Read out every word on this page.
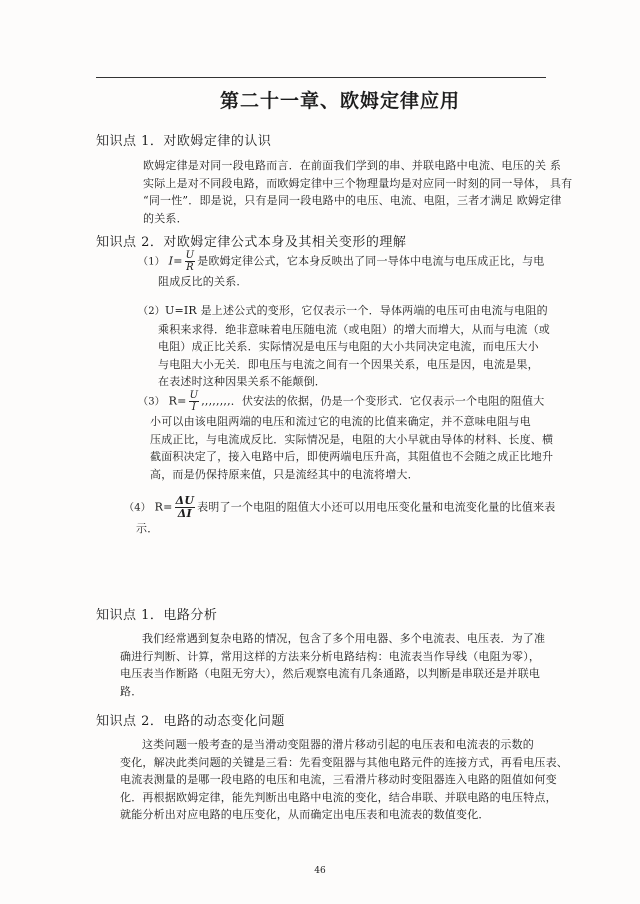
第二十一章、欧姆定律应用
知识点 1．对欧姆定律的认识
欧姆定律是对同一段电路而言．在前面我们学到的串、并联电路中电流、电压的关 系
实际上是对不同段电路，而欧姆定律中三个物理量均是对应同一时刻的同一导体， 具有
“同一性”．即是说，只有是同一段电路中的电压、电流、电阻，三者才满足 欧姆定律
的关系．
知识点 2．对欧姆定律公式本身及其相关变形的理解
（1） $I= \frac{U}{R}$ 是欧姆定律公式，它本身反映出了同一导体中电流与电压成正比，与电
阻成反比的关系．
（2）U=IR 是上述公式的变形，它仅表示一个．导体两端的电压可由电流与电阻的
乘积来求得．绝非意味着电压随电流（或电阻）的增大而增大，从而与电流（或
电阻）成正比关系．实际情况是电压与电阻的大小共同决定电流，而电压大小
与电阻大小无关．即电压与电流之间有一个因果关系，电压是因，电流是果，
在表述时这种因果关系不能颠倒．
（3） $R= \frac{U}{I}$ ,,,,,,,,．伏安法的依据，仍是一个变形式．它仅表示一个电阻的阻值大
小可以由该电阻两端的电压和流过它的电流的比值来确定，并不意味电阻与电
压成正比，与电流成反比．实际情况是，电阻的大小早就由导体的材料、长度、横
截面积决定了，接入电路中后，即使两端电压升高，其阻值也不会随之成正比地升
高，而是仍保持原来值，只是流经其中的电流将增大．
（4） $R= \frac{\Delta U}{\Delta I}$ 表明了一个电阻的阻值大小还可以用电压变化量和电流变化量的比值来表
示．
知识点 1．电路分析
我们经常遇到复杂电路的情况，包含了多个用电器、多个电流表、电压表．为了准
确进行判断、计算，常用这样的方法来分析电路结构：电流表当作导线（电阻为零），
电压表当作断路（电阻无穷大），然后观察电流有几条通路，以判断是串联还是并联电
路．
知识点 2．电路的动态变化问题
这类问题一般考查的是当滑动变阻器的滑片移动引起的电压表和电流表的示数的
变化，解决此类问题的关键是三看：先看变阻器与其他电路元件的连接方式，再看电压表、
电流表测量的是哪一段电路的电压和电流，三看滑片移动时变阻器连入电路的阻值如何变
化．再根据欧姆定律，能先判断出电路中电流的变化，结合串联、并联电路的电压特点，
就能分析出对应电路的电压变化，从而确定出电压表和电流表的数值变化．
46
